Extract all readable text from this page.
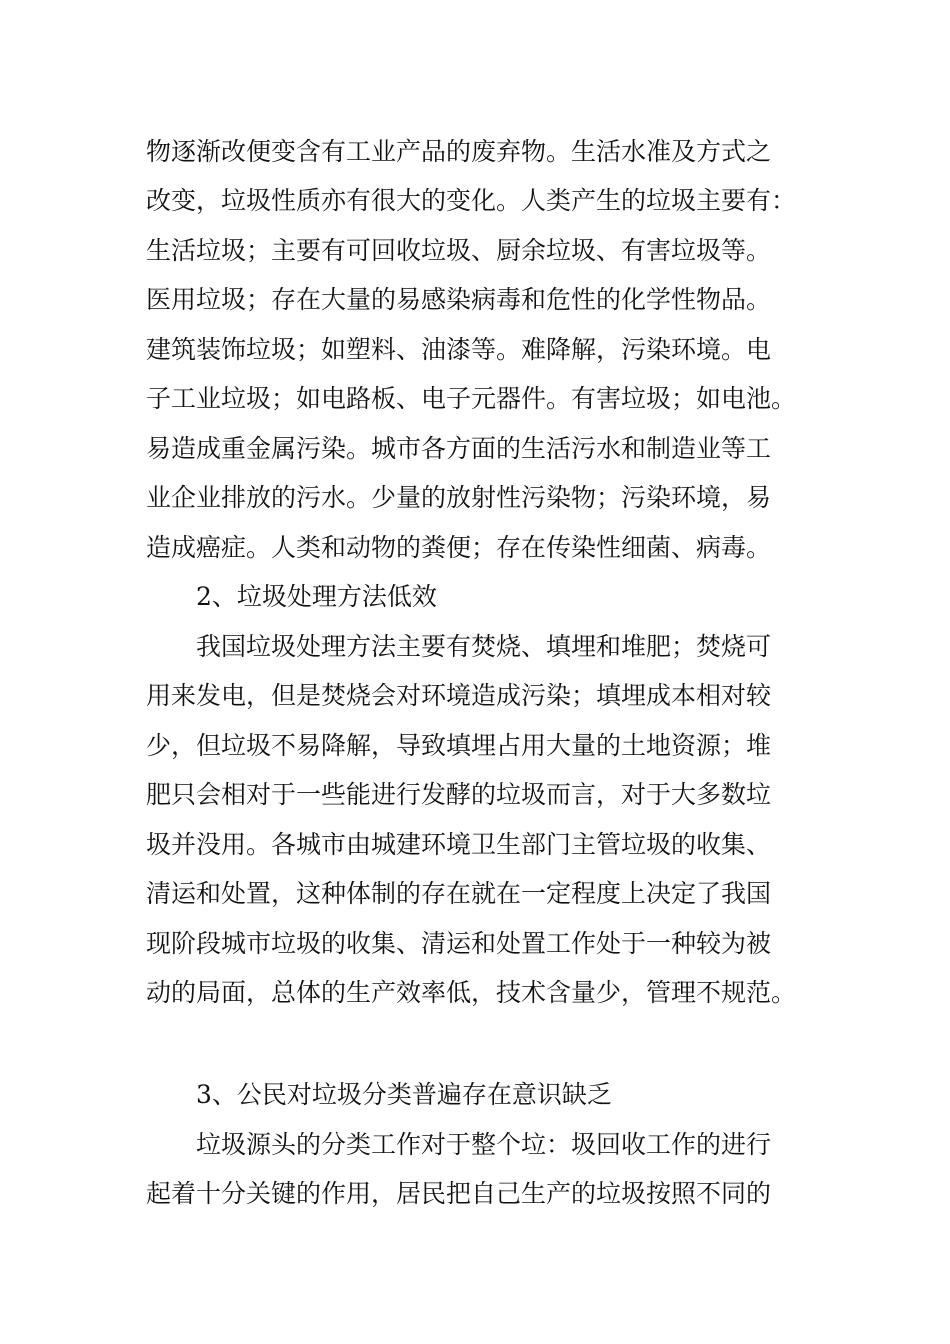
物逐渐改便变含有工业产品的废弃物。生活水准及方式之
改变，垃圾性质亦有很大的变化。人类产生的垃圾主要有：
生活垃圾；主要有可回收垃圾、厨余垃圾、有害垃圾等。
医用垃圾；存在大量的易感染病毒和危性的化学性物品。
建筑装饰垃圾；如塑料、油漆等。难降解，污染环境。电
子工业垃圾；如电路板、电子元器件。有害垃圾；如电池。
易造成重金属污染。城市各方面的生活污水和制造业等工
业企业排放的污水。少量的放射性污染物；污染环境，易
造成癌症。人类和动物的粪便；存在传染性细菌、病毒。
2、垃圾处理方法低效
我国垃圾处理方法主要有焚烧、填埋和堆肥；焚烧可
用来发电，但是焚烧会对环境造成污染；填埋成本相对较
少，但垃圾不易降解，导致填埋占用大量的土地资源；堆
肥只会相对于一些能进行发酵的垃圾而言，对于大多数垃
圾并没用。各城市由城建环境卫生部门主管垃圾的收集、
清运和处置，这种体制的存在就在一定程度上决定了我国
现阶段城市垃圾的收集、清运和处置工作处于一种较为被
动的局面，总体的生产效率低，技术含量少，管理不规范。
3、公民对垃圾分类普遍存在意识缺乏
垃圾源头的分类工作对于整个垃：圾回收工作的进行
起着十分关键的作用，居民把自己生产的垃圾按照不同的
